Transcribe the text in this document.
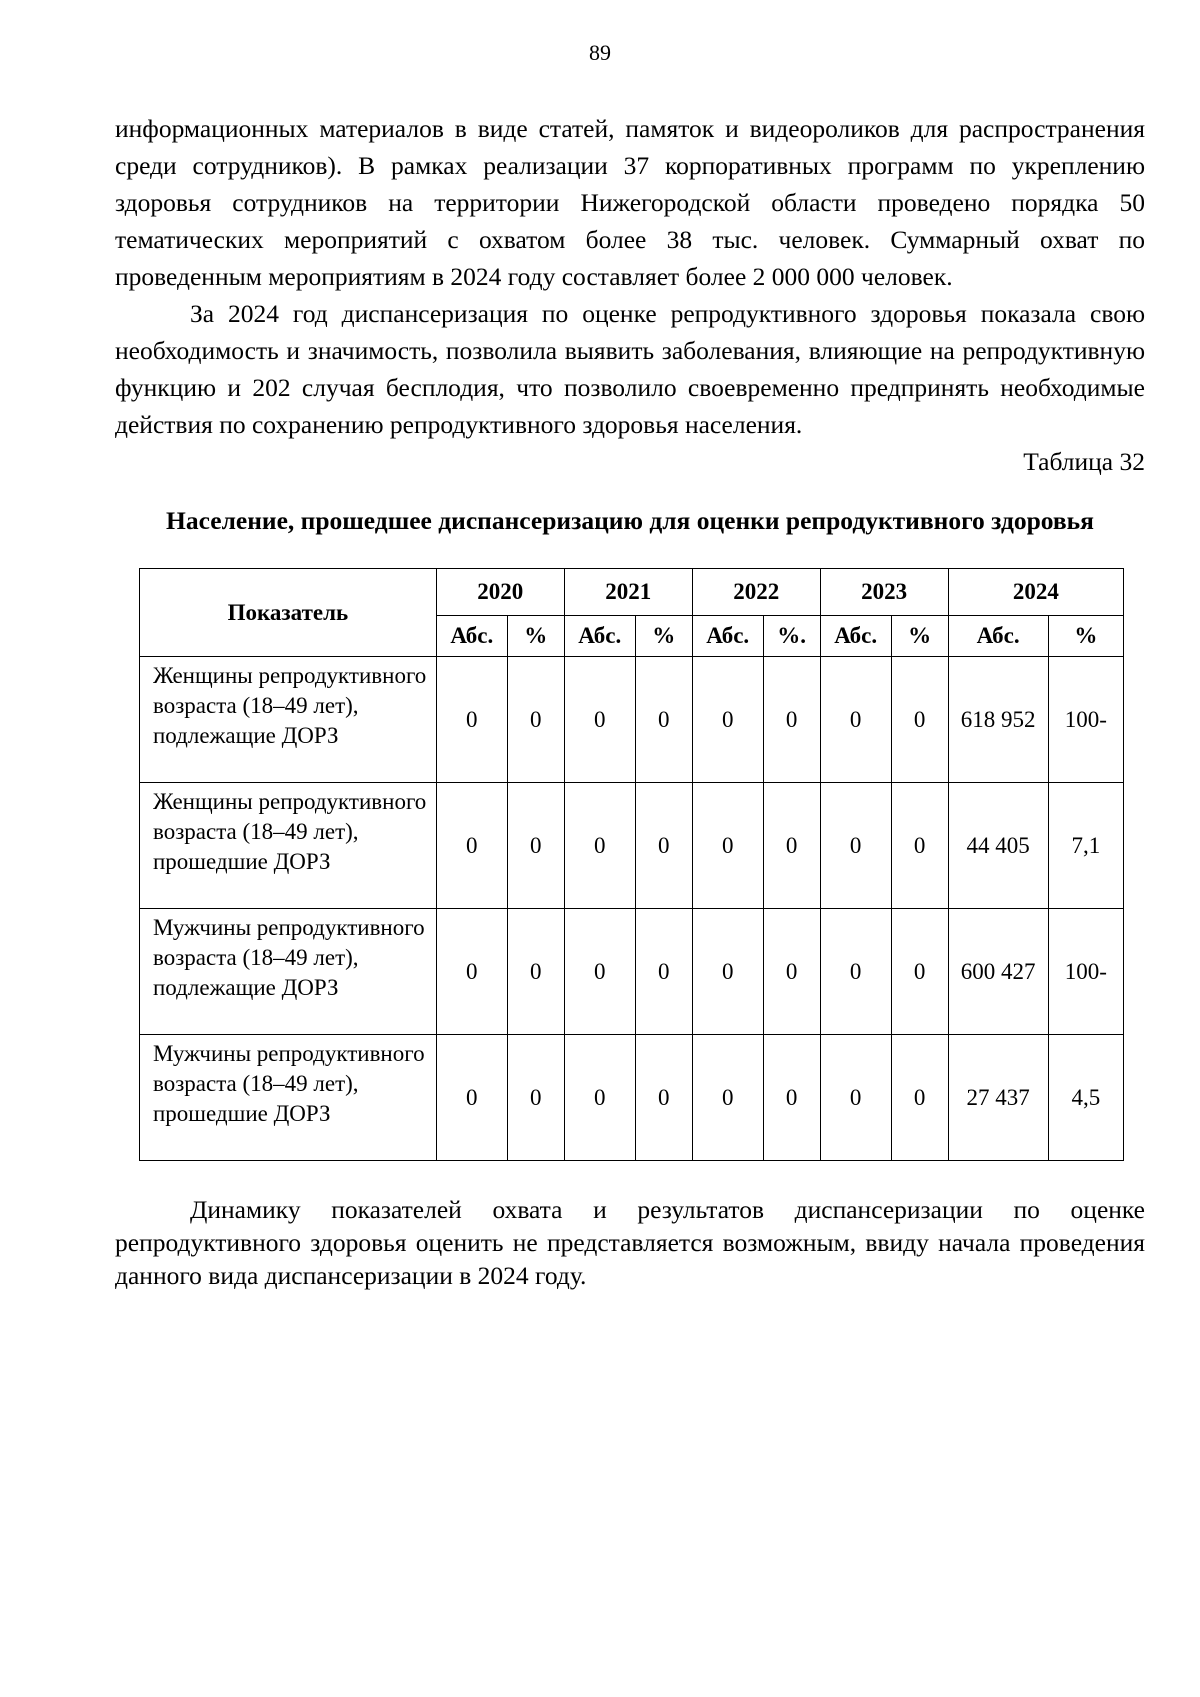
89

информационных материалов в виде статей, памяток и видеороликов для распространения среди сотрудников). В рамках реализации 37 корпоративных программ по укреплению здоровья сотрудников на территории Нижегородской области проведено порядка 50 тематических мероприятий с охватом более 38 тыс. человек. Суммарный охват по проведенным мероприятиям в 2024 году составляет более 2 000 000 человек.

За 2024 год диспансеризация по оценке репродуктивного здоровья показала свою необходимость и значимость, позволила выявить заболевания, влияющие на репродуктивную функцию и 202 случая бесплодия, что позволило своевременно предпринять необходимые действия по сохранению репродуктивного здоровья населения.

Таблица 32

Население, прошедшее диспансеризацию для оценки репродуктивного здоровья
Показатель	2020		2021		2022		2023		2024	
	Абс.	%	Абс.	%	Абс.	%.	Абс.	%	Абс.	%
Женщины репродуктивного возраста (18–49 лет), подлежащие ДОРЗ	0	0	0	0	0	0	0	0	618 952	100-
Женщины репродуктивного возраста (18–49 лет), прошедшие ДОРЗ	0	0	0	0	0	0	0	0	44 405	7,1
Мужчины репродуктивного возраста (18–49 лет), подлежащие ДОРЗ	0	0	0	0	0	0	0	0	600 427	100-
Мужчины репродуктивного возраста (18–49 лет), прошедшие ДОРЗ	0	0	0	0	0	0	0	0	27 437	4,5

Динамику показателей охвата и результатов диспансеризации по оценке репродуктивного здоровья оценить не представляется возможным, ввиду начала проведения данного вида диспансеризации в 2024 году.
